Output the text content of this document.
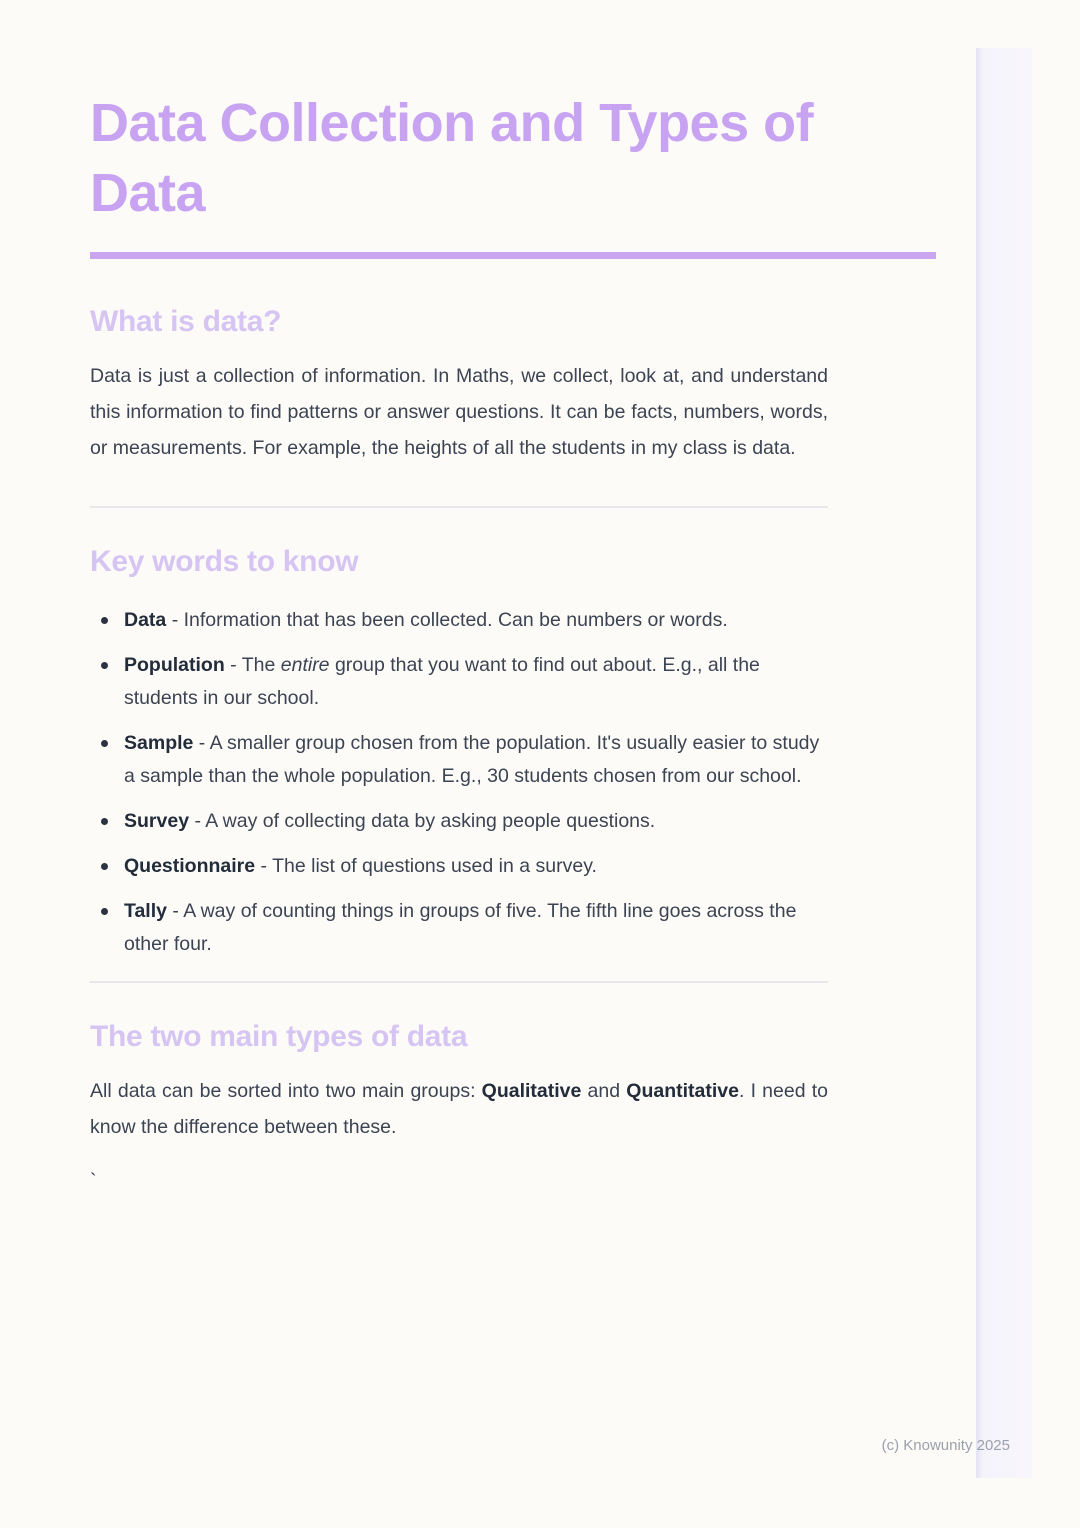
Data Collection and Types of
Data
What is data?

Data is just a collection of information. In Maths, we collect, look at, and understand this information to find patterns or answer questions. It can be facts, numbers, words, or measurements. For example, the heights of all the students in my class is data.

Key words to know
Data - Information that has been collected. Can be numbers or words.
Population - The entire group that you want to find out about. E.g., all the students in our school.
Sample - A smaller group chosen from the population. It's usually easier to study a sample than the whole population. E.g., 30 students chosen from our school.
Survey - A way of collecting data by asking people questions.
Questionnaire - The list of questions used in a survey.
Tally - A way of counting things in groups of five. The fifth line goes across the other four.
The two main types of data

All data can be sorted into two main groups: Qualitative and Quantitative. I need to know the difference between these.

`

(c) Knowunity 2025
